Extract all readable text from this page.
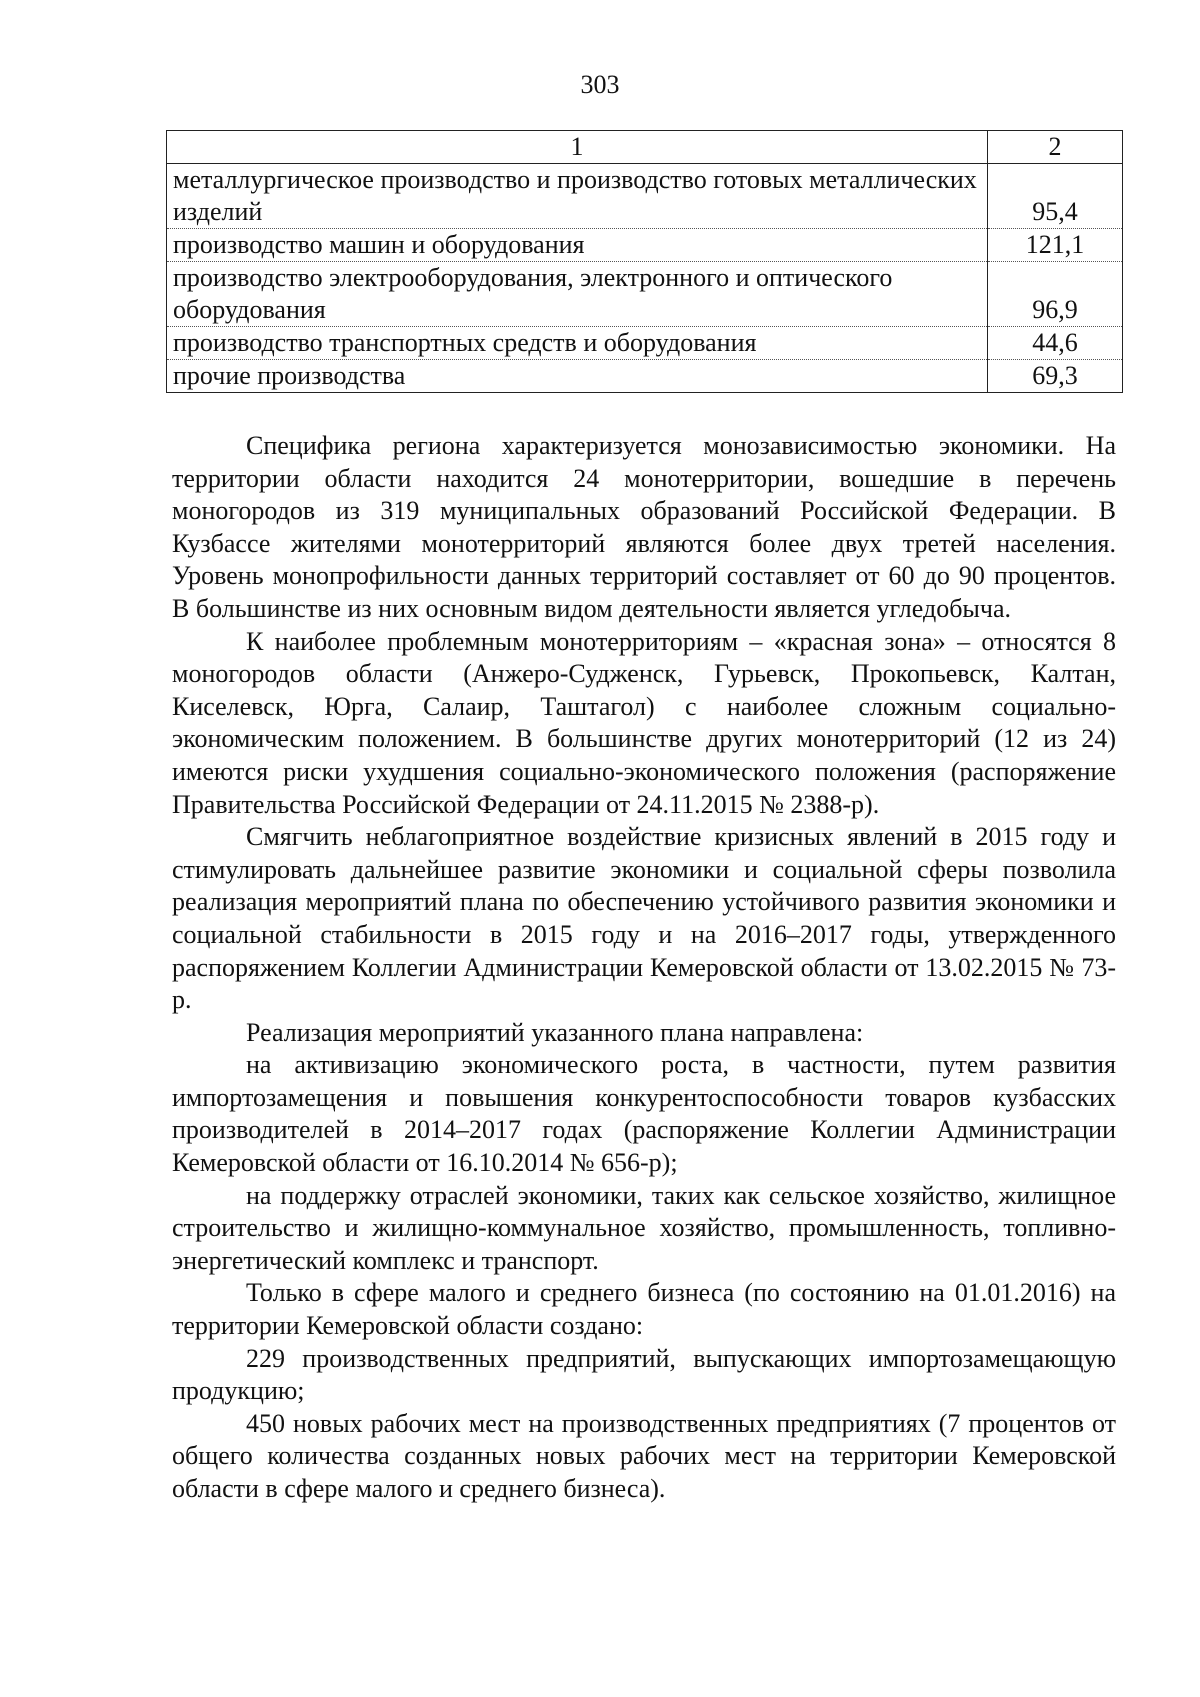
303
1	2
металлургическое производство и производство готовых металлических изделий	95,4
производство машин и оборудования	121,1
производство электрооборудования, электронного и оптического оборудования	96,9
производство транспортных средств и оборудования	44,6
прочие производства	69,3

Специфика региона характеризуется монозависимостью экономики. На территории области находится 24 монотерритории, вошедшие в перечень моногородов из 319 муниципальных образований Российской Федерации. В Кузбассе жителями монотерриторий являются более двух третей населения. Уровень монопрофильности данных территорий составляет от 60 до 90 процентов. В большинстве из них основным видом деятельности является угледобыча.

К наиболее проблемным монотерриториям – «красная зона» – относятся 8 моногородов области (Анжеро-Судженск, Гурьевск, Прокопьевск, Калтан, Киселевск, Юрга, Салаир, Таштагол) с наиболее сложным социально-экономическим положением. В большинстве других монотерриторий (12 из 24) имеются риски ухудшения социально-экономического положения (распоряжение Правительства Российской Федерации от 24.11.2015 № 2388-р).

Смягчить неблагоприятное воздействие кризисных явлений в 2015 году и стимулировать дальнейшее развитие экономики и социальной сферы позволила реализация мероприятий плана по обеспечению устойчивого развития экономики и социальной стабильности в 2015 году и на 2016–2017 годы, утвержденного распоряжением Коллегии Администрации Кемеровской области от 13.02.2015 № 73-р.

Реализация мероприятий указанного плана направлена:

на активизацию экономического роста, в частности, путем развития импортозамещения и повышения конкурентоспособности товаров кузбасских производителей в 2014–2017 годах (распоряжение Коллегии Администрации Кемеровской области от 16.10.2014 № 656-р);

на поддержку отраслей экономики, таких как сельское хозяйство, жилищное строительство и жилищно-коммунальное хозяйство, промышленность, топливно-энергетический комплекс и транспорт.

Только в сфере малого и среднего бизнеса (по состоянию на 01.01.2016) на территории Кемеровской области создано:

229 производственных предприятий, выпускающих импортозамещающую продукцию;

450 новых рабочих мест на производственных предприятиях (7 процентов от общего количества созданных новых рабочих мест на территории Кемеровской области в сфере малого и среднего бизнеса).
